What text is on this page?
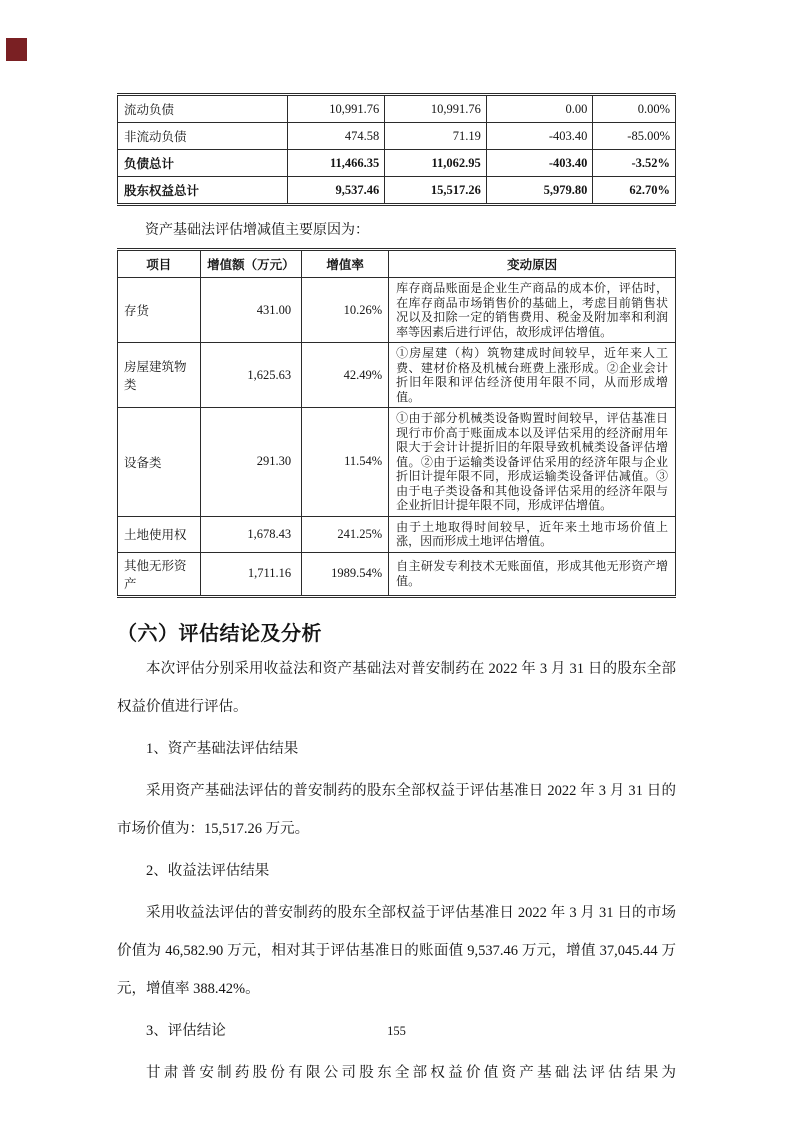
流动负债	10,991.76	10,991.76	0.00	0.00%
非流动负债	474.58	71.19	-403.40	-85.00%
负债总计	11,466.35	11,062.95	-403.40	-3.52%
股东权益总计	9,537.46	15,517.26	5,979.80	62.70%
资产基础法评估增减值主要原因为：
项目	增值额（万元）	增值率	变动原因
存货	431.00	10.26%	库存商品账面是企业生产商品的成本价，评估时，在库存商品市场销售价的基础上，考虑目前销售状况以及扣除一定的销售费用、税金及附加率和利润率等因素后进行评估，故形成评估增值。
房屋建筑物类	1,625.63	42.49%	①房屋建（构）筑物建成时间较早，近年来人工费、建材价格及机械台班费上涨形成。②企业会计折旧年限和评估经济使用年限不同，从而形成增值。
设备类	291.30	11.54%	①由于部分机械类设备购置时间较早，评估基准日现行市价高于账面成本以及评估采用的经济耐用年限大于会计计提折旧的年限导致机械类设备评估增值。②由于运输类设备评估采用的经济年限与企业折旧计提年限不同，形成运输类设备评估减值。③由于电子类设备和其他设备评估采用的经济年限与企业折旧计提年限不同，形成评估增值。
土地使用权	1,678.43	241.25%	由于土地取得时间较早，近年来土地市场价值上涨，因而形成土地评估增值。
其他无形资产	1,711.16	1989.54%	自主研发专利技术无账面值，形成其他无形资产增值。
（六）评估结论及分析
本次评估分别采用收益法和资产基础法对普安制药在 2022 年 3 月 31 日的股东全部权益价值进行评估。
1、资产基础法评估结果
采用资产基础法评估的普安制药的股东全部权益于评估基准日 2022 年 3 月 31 日的市场价值为：15,517.26 万元。
2、收益法评估结果
采用收益法评估的普安制药的股东全部权益于评估基准日 2022 年 3 月 31 日的市场价值为 46,582.90 万元，相对其于评估基准日的账面值 9,537.46 万元，增值 37,045.44 万元，增值率 388.42%。
3、评估结论
甘肃普安制药股份有限公司股东全部权益价值资产基础法评估结果为
155
